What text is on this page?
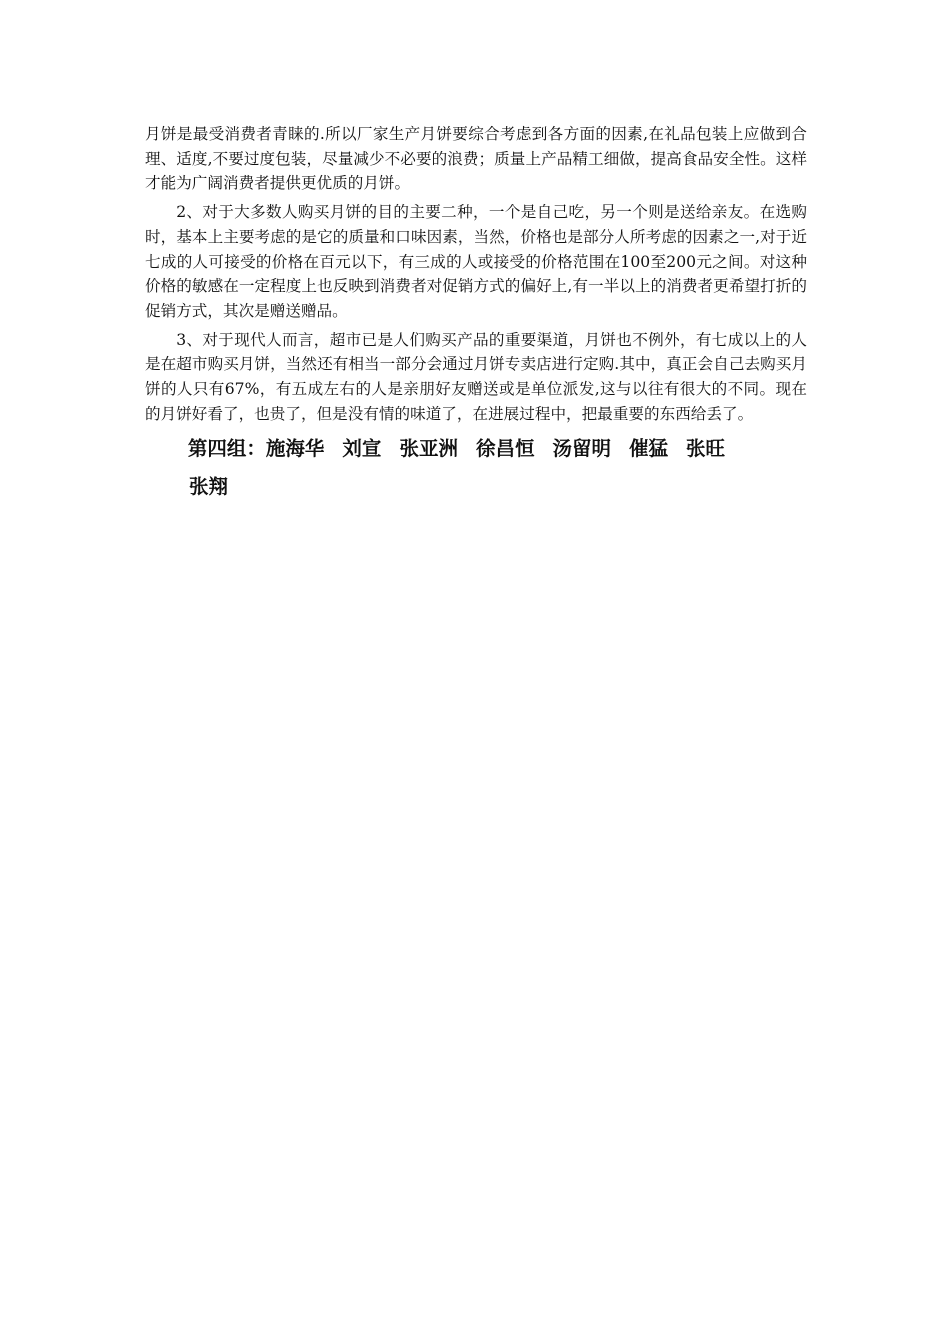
月饼是最受消费者青睐的.所以厂家生产月饼要综合考虑到各方面的因素,在礼品包装上应做到合理、适度,不要过度包装，尽量减少不必要的浪费；质量上产品精工细做，提高食品安全性。这样才能为广阔消费者提供更优质的月饼。

2、对于大多数人购买月饼的目的主要二种，一个是自己吃，另一个则是送给亲友。在选购时，基本上主要考虑的是它的质量和口味因素，当然，价格也是部分人所考虑的因素之一,对于近七成的人可接受的价格在百元以下，有三成的人或接受的价格范围在100至200元之间。对这种价格的敏感在一定程度上也反映到消费者对促销方式的偏好上,有一半以上的消费者更希望打折的促销方式，其次是赠送赠品。

3、对于现代人而言，超市已是人们购买产品的重要渠道，月饼也不例外，有七成以上的人是在超市购买月饼，当然还有相当一部分会通过月饼专卖店进行定购.其中，真正会自己去购买月饼的人只有67%，有五成左右的人是亲朋好友赠送或是单位派发,这与以往有很大的不同。现在的月饼好看了，也贵了，但是没有情的味道了，在进展过程中，把最重要的东西给丢了。

第四组：施海华 刘宣 张亚洲 徐昌恒 汤留明 催猛 张旺
张翔
